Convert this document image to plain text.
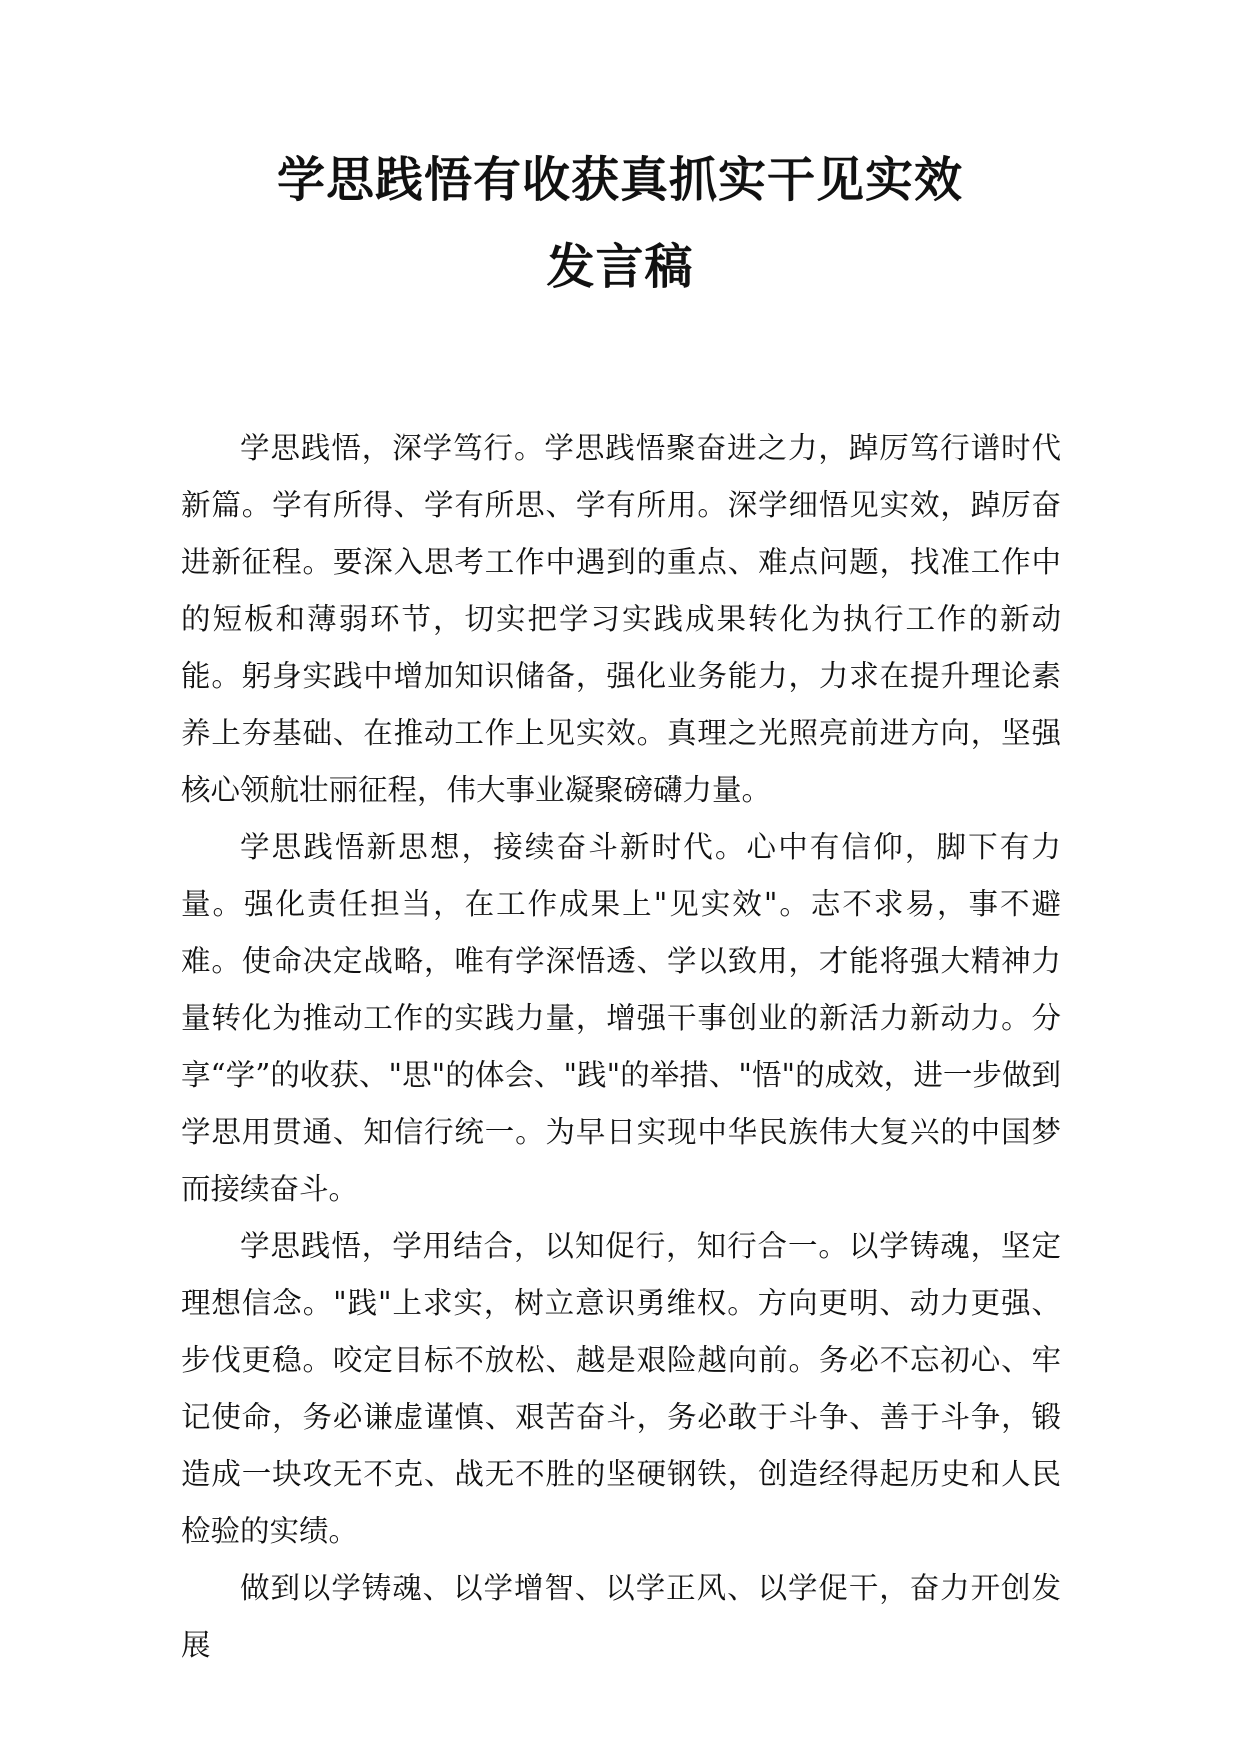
学思践悟有收获真抓实干见实效
发言稿

学思践悟，深学笃行。学思践悟聚奋进之力，踔厉笃行谱时代新篇。学有所得、学有所思、学有所用。深学细悟见实效，踔厉奋进新征程。要深入思考工作中遇到的重点、难点问题，找准工作中的短板和薄弱环节，切实把学习实践成果转化为执行工作的新动能。躬身实践中增加知识储备，强化业务能力，力求在提升理论素养上夯基础、在推动工作上见实效。真理之光照亮前进方向，坚强核心领航壮丽征程，伟大事业凝聚磅礴力量。

学思践悟新思想，接续奋斗新时代。心中有信仰，脚下有力量。强化责任担当，在工作成果上"见实效"。志不求易，事不避难。使命决定战略，唯有学深悟透、学以致用，才能将强大精神力量转化为推动工作的实践力量，增强干事创业的新活力新动力。分享“学”的收获、"思"的体会、"践"的举措、"悟"的成效，进一步做到学思用贯通、知信行统一。为早日实现中华民族伟大复兴的中国梦而接续奋斗。

学思践悟，学用结合，以知促行，知行合一。以学铸魂，坚定理想信念。"践"上求实，树立意识勇维权。方向更明、动力更强、步伐更稳。咬定目标不放松、越是艰险越向前。务必不忘初心、牢记使命，务必谦虚谨慎、艰苦奋斗，务必敢于斗争、善于斗争，锻造成一块攻无不克、战无不胜的坚硬钢铁，创造经得起历史和人民检验的实绩。

做到以学铸魂、以学增智、以学正风、以学促干，奋力开创发展
